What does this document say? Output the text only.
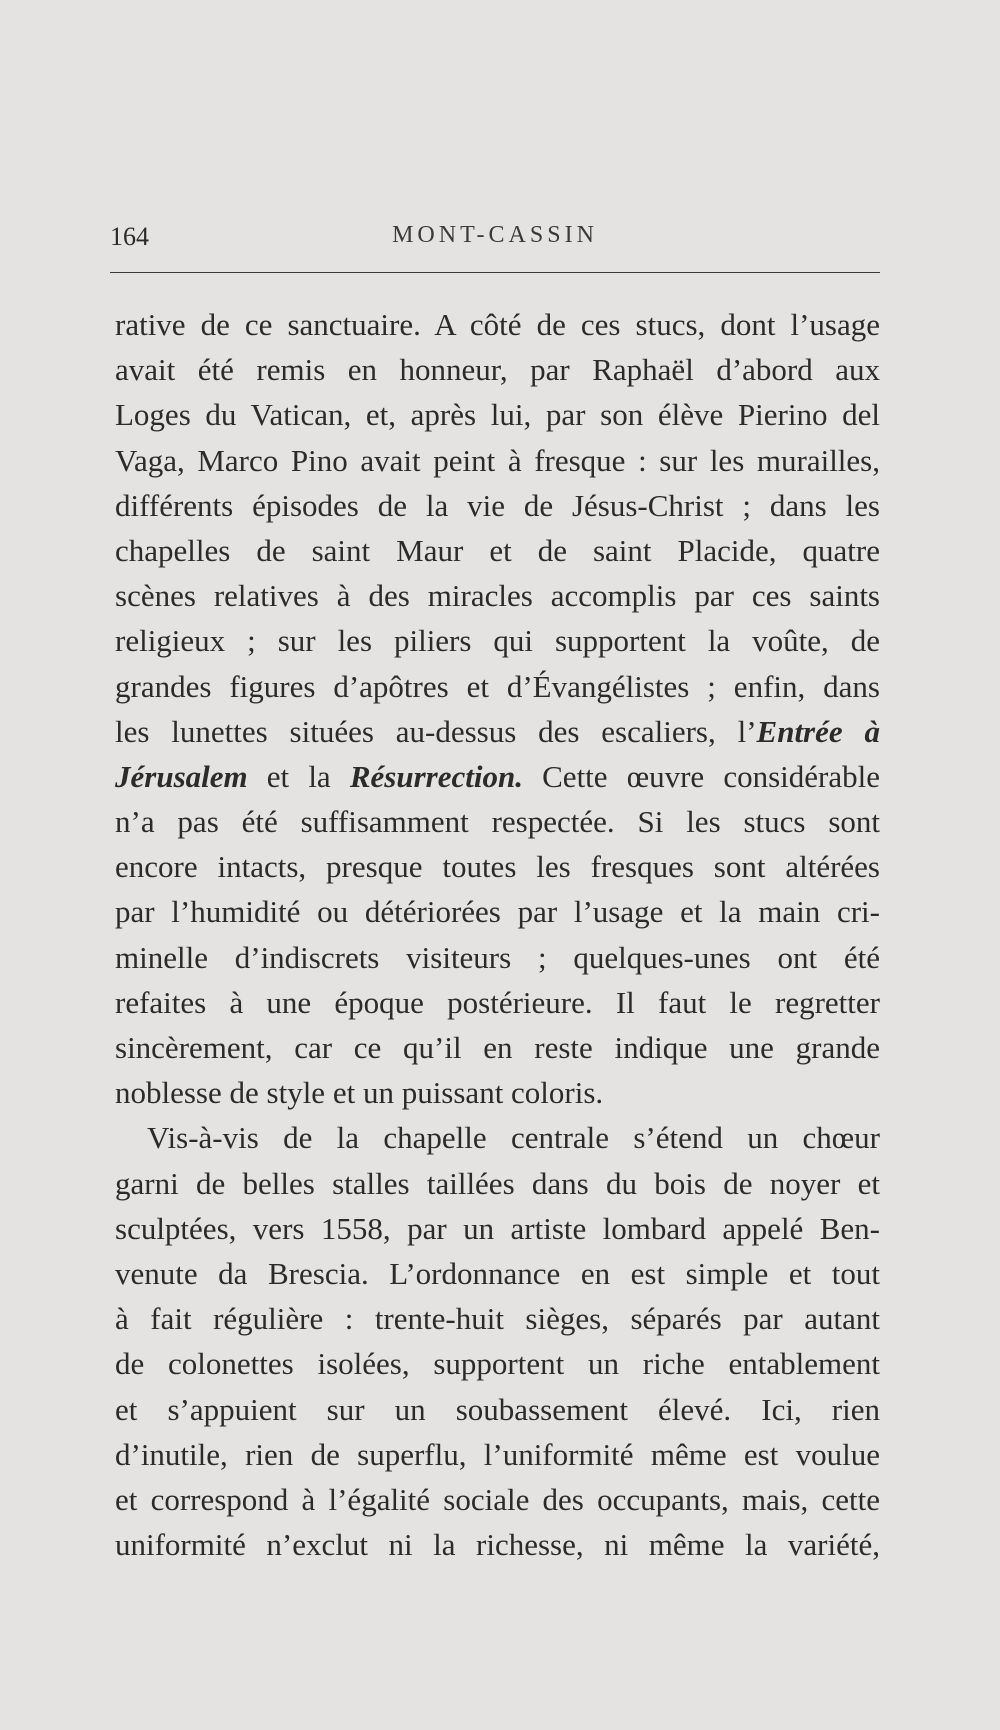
164	MONT-CASSIN
rative de ce sanctuaire. A côté de ces stucs, dont l’usage
avait été remis en honneur, par Raphaël d’abord aux
Loges du Vatican, et, après lui, par son élève Pierino del
Vaga, Marco Pino avait peint à fresque : sur les murailles,
différents épisodes de la vie de Jésus-Christ ; dans les
chapelles de saint Maur et de saint Placide, quatre
scènes relatives à des miracles accomplis par ces saints
religieux ; sur les piliers qui supportent la voûte, de
grandes figures d’apôtres et d’Évangélistes ; enfin, dans
les lunettes situées au-dessus des escaliers, l’Entrée à
Jérusalem et la Résurrection. Cette œuvre considérable
n’a pas été suffisamment respectée. Si les stucs sont
encore intacts, presque toutes les fresques sont altérées
par l’humidité ou détériorées par l’usage et la main cri-
minelle d’indiscrets visiteurs ; quelques-unes ont été
refaites à une époque postérieure. Il faut le regretter
sincèrement, car ce qu’il en reste indique une grande
noblesse de style et un puissant coloris.
Vis-à-vis de la chapelle centrale s’étend un chœur
garni de belles stalles taillées dans du bois de noyer et
sculptées, vers 1558, par un artiste lombard appelé Ben-
venute da Brescia. L’ordonnance en est simple et tout
à fait régulière : trente-huit sièges, séparés par autant
de colonettes isolées, supportent un riche entablement
et s’appuient sur un soubassement élevé. Ici, rien
d’inutile, rien de superflu, l’uniformité même est voulue
et correspond à l’égalité sociale des occupants, mais, cette
uniformité n’exclut ni la richesse, ni même la variété,
